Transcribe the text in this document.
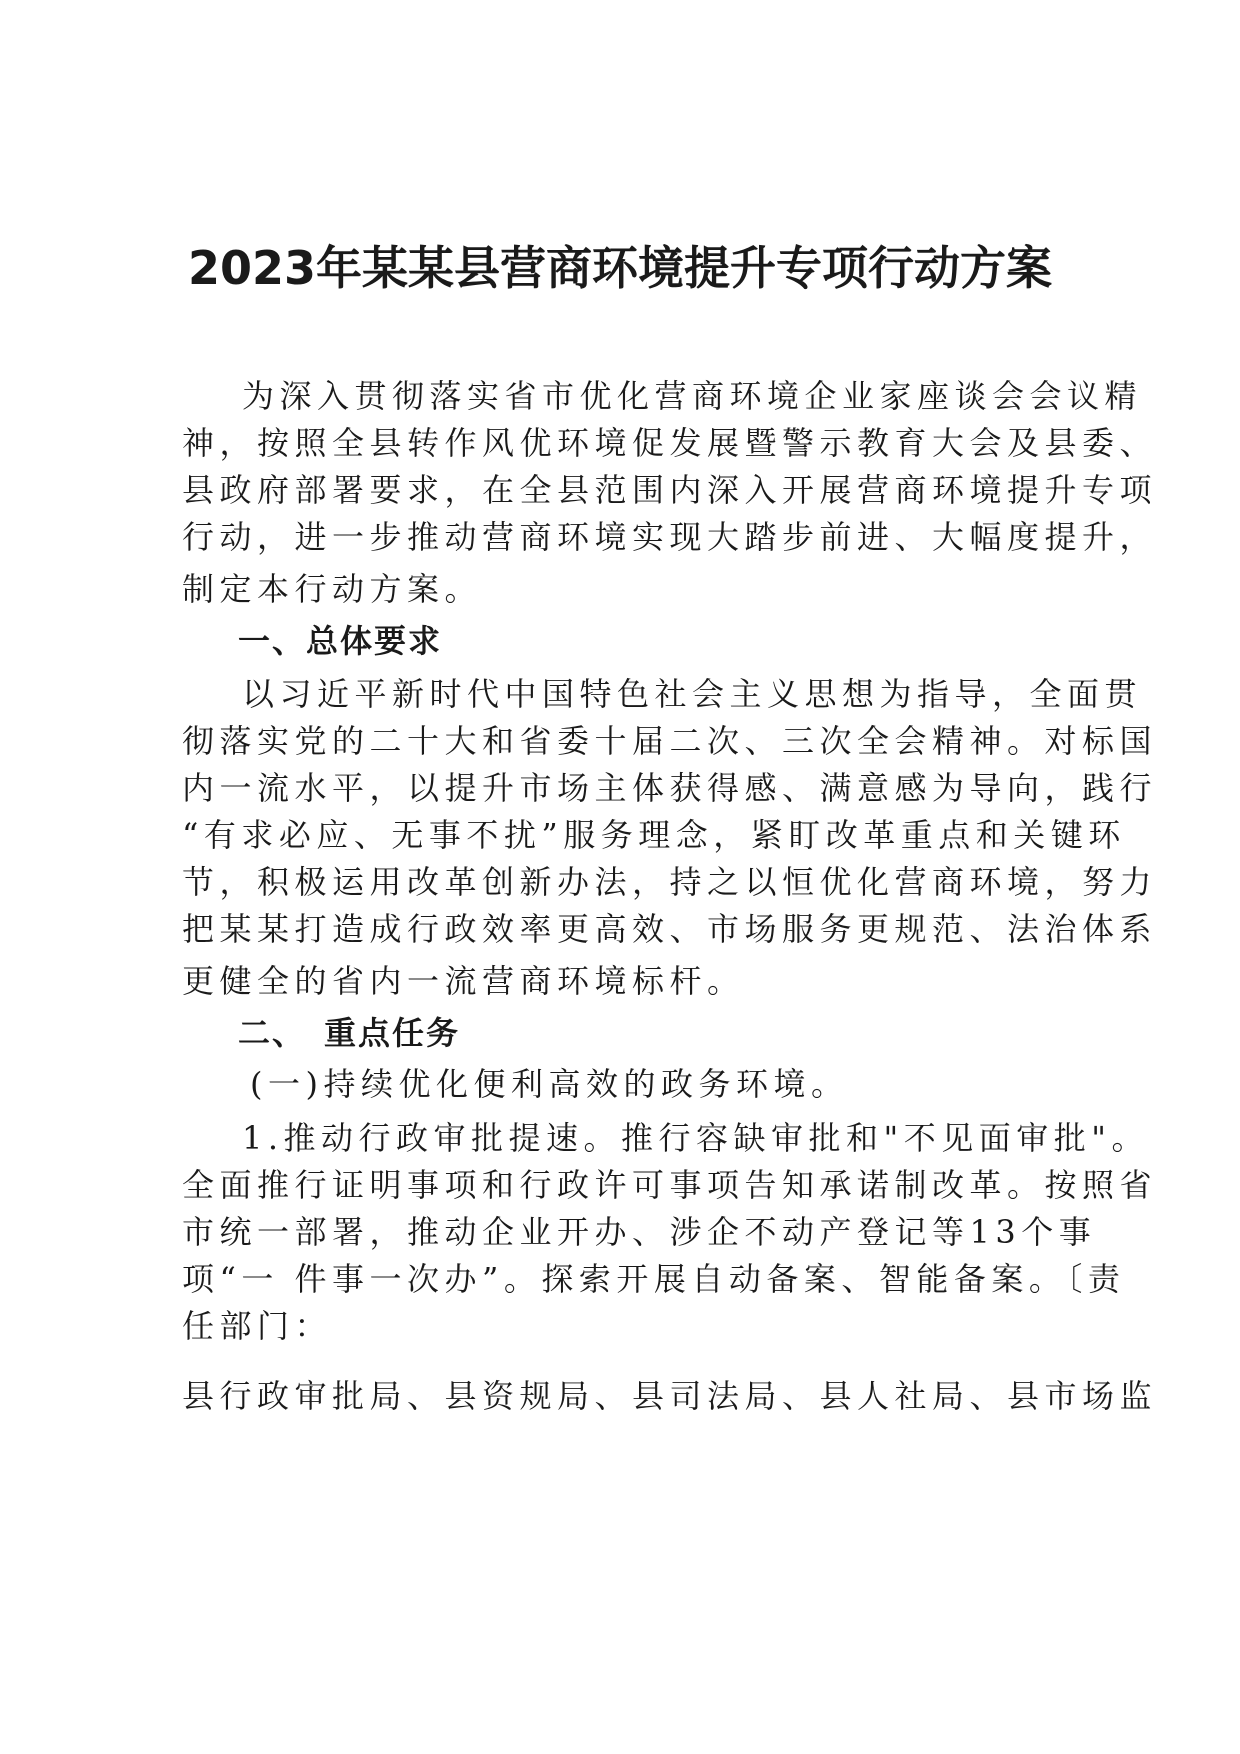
2023年某某县营商环境提升专项行动方案

为深入贯彻落实省市优化营商环境企业家座谈会会议精

神，按照全县转作风优环境促发展暨警示教育大会及县委、

县政府部署要求，在全县范围内深入开展营商环境提升专项

行动，进一步推动营商环境实现大踏步前进、大幅度提升，

制定本行动方案。

一、总体要求

以习近平新时代中国特色社会主义思想为指导，全面贯

彻落实党的二十大和省委十届二次、三次全会精神。对标国

内一流水平，以提升市场主体获得感、满意感为导向，践行

“有求必应、无事不扰”服务理念，紧盯改革重点和关键环

节，积极运用改革创新办法，持之以恒优化营商环境，努力

把某某打造成行政效率更高效、市场服务更规范、法治体系

更健全的省内一流营商环境标杆。

二、　重点任务

(一)持续优化便利高效的政务环境。

1.推动行政审批提速。推行容缺审批和"不见面审批"。

全面推行证明事项和行政许可事项告知承诺制改革。按照省

市统一部署，推动企业开办、涉企不动产登记等13个事

项“一 件事一次办”。探索开展自动备案、智能备案。〔责

任部门：

县行政审批局、县资规局、县司法局、县人社局、县市场监
